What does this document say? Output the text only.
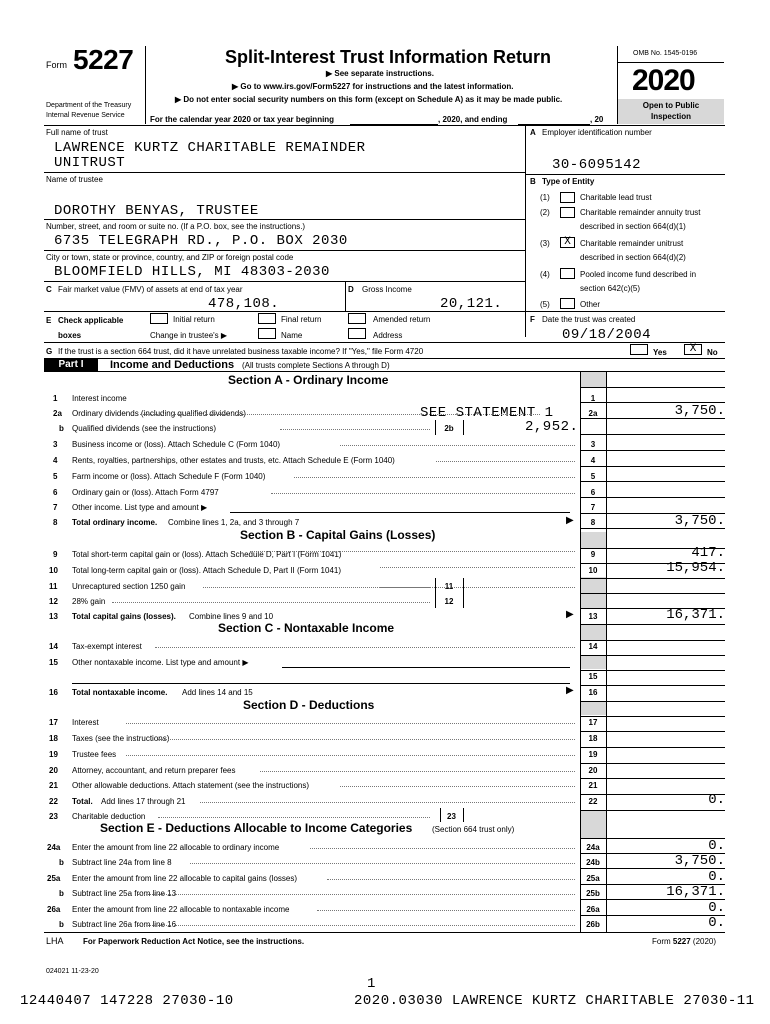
Form 5227
Department of the Treasury
Internal Revenue Service
Split-Interest Trust Information Return
▶ See separate instructions.
▶ Go to www.irs.gov/Form5227 for instructions and the latest information.
▶ Do not enter social security numbers on this form (except on Schedule A) as it may be made public.
For the calendar year 2020 or tax year beginning	, 2020, and ending	, 20
OMB No. 1545-0196
2020
Open to Public
Inspection
Full name of trust
LAWRENCE KURTZ CHARITABLE REMAINDER
UNITRUST
Name of trustee
DOROTHY BENYAS, TRUSTEE
Number, street, and room or suite no. (If a P.O. box, see the instructions.)
6735 TELEGRAPH RD., P.O. BOX 2030
City or town, state or province, country, and ZIP or foreign postal code
BLOOMFIELD HILLS, MI 48303-2030
C Fair market value (FMV) of assets at end of tax year
478,108.
D Gross Income
20,121.
A Employer identification number
30-6095142
B Type of Entity
(1)	Charitable lead trust
(2)	Charitable remainder annuity trust
described in section 664(d)(1)
(3)	X	Charitable remainder unitrust
described in section 664(d)(2)
(4)	Pooled income fund described in
section 642(c)(5)
(5)	Other
F Date the trust was created
09/18/2004
E Check applicable
boxes
Initial return	Final return	Amended return
Change in trustee's ▶	Name	Address
G If the trust is a section 664 trust, did it have unrelated business taxable income? If "Yes," file Form 4720	Yes	X	No
Part I	Income and Deductions (All trusts complete Sections A through D)
Section A - Ordinary Income
1 Interest income	1
2a Ordinary dividends (including qualified dividends)	SEE STATEMENT 1	2a	3,750.
b Qualified dividends (see the instructions)	2b	2,952.
3 Business income or (loss). Attach Schedule C (Form 1040)	3
4 Rents, royalties, partnerships, other estates and trusts, etc. Attach Schedule E (Form 1040)	4
5 Farm income or (loss). Attach Schedule F (Form 1040)	5
6 Ordinary gain or (loss). Attach Form 4797	6
7 Other income. List type and amount ▶	7
8 Total ordinary income. Combine lines 1, 2a, and 3 through 7	▶	8	3,750.
Section B - Capital Gains (Losses)
9 Total short-term capital gain or (loss). Attach Schedule D, Part I (Form 1041)	9	417.
10 Total long-term capital gain or (loss). Attach Schedule D, Part II (Form 1041)	10	15,954.
11 Unrecaptured section 1250 gain	11
12 28% gain	12
13 Total capital gains (losses). Combine lines 9 and 10	▶	13	16,371.
Section C - Nontaxable Income
14 Tax-exempt interest	14
15 Other nontaxable income. List type and amount ▶
15
16 Total nontaxable income. Add lines 14 and 15	▶	16
Section D - Deductions
17 Interest	17
18 Taxes (see the instructions)	18
19 Trustee fees	19
20 Attorney, accountant, and return preparer fees	20
21 Other allowable deductions. Attach statement (see the instructions)	21
22 Total. Add lines 17 through 21	22	0.
23 Charitable deduction	23
Section E - Deductions Allocable to Income Categories (Section 664 trust only)
24a Enter the amount from line 22 allocable to ordinary income	24a	0.
b Subtract line 24a from line 8	24b	3,750.
25a Enter the amount from line 22 allocable to capital gains (losses)	25a	0.
b Subtract line 25a from line 13	25b	16,371.
26a Enter the amount from line 22 allocable to nontaxable income	26a	0.
b Subtract line 26a from line 16	26b	0.
LHA For Paperwork Reduction Act Notice, see the instructions.	Form 5227 (2020)
024021 11-23-20
1
12440407 147228 27030-10	2020.03030 LAWRENCE KURTZ CHARITABLE 27030-11
